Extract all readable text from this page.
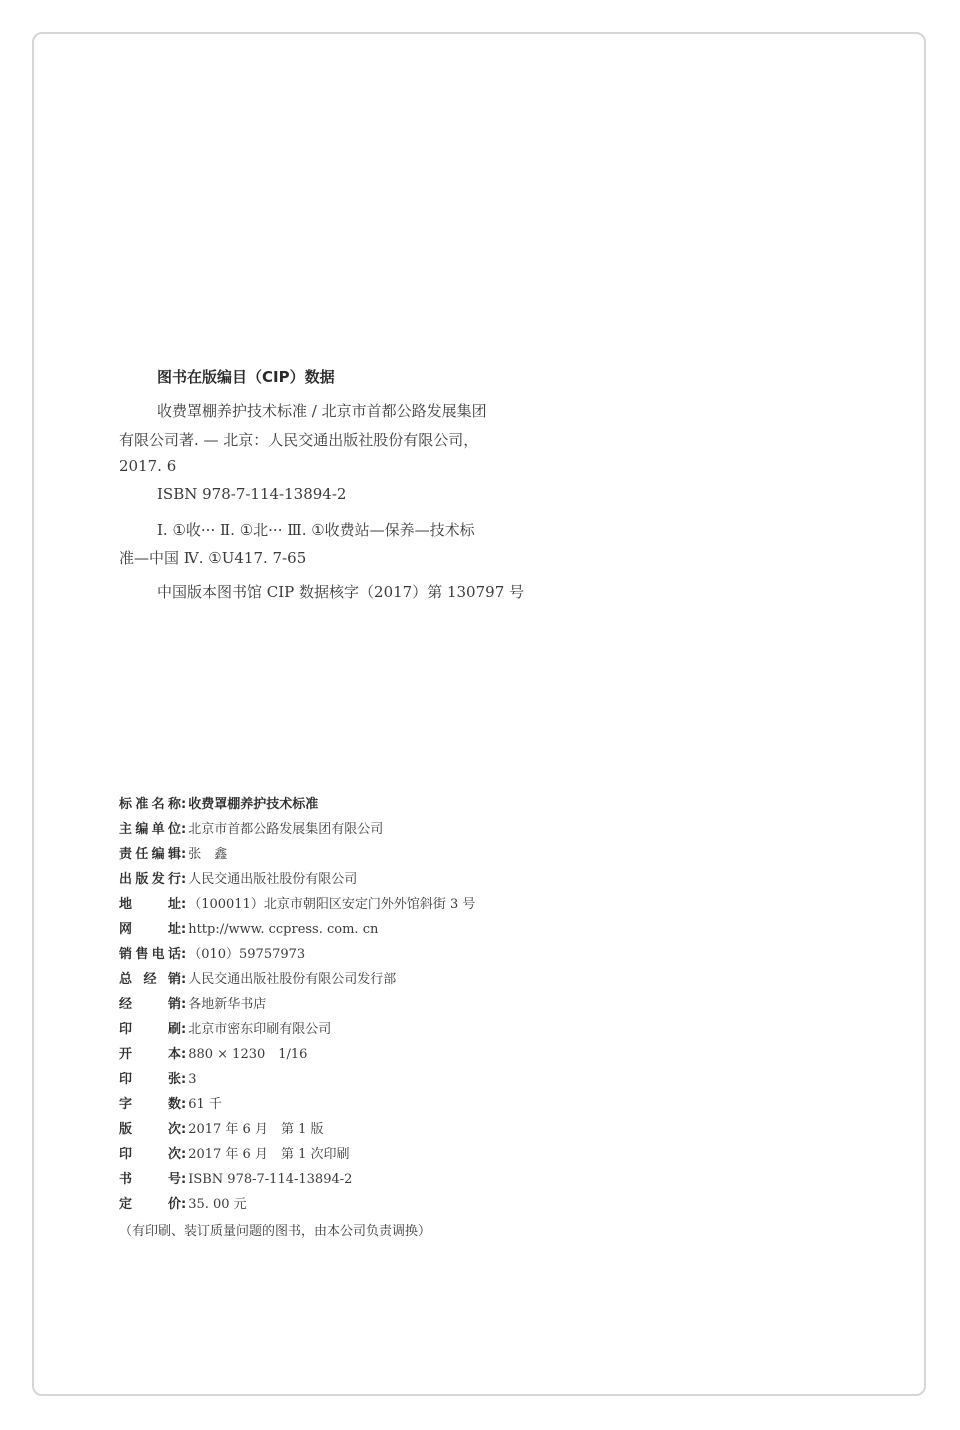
图书在版编目（CIP）数据
收费罩棚养护技术标准 / 北京市首都公路发展集团
有限公司著. — 北京：人民交通出版社股份有限公司，
2017. 6
ISBN 978-7-114-13894-2
Ⅰ. ①收··· Ⅱ. ①北··· Ⅲ. ①收费站—保养—技术标
准—中国 Ⅳ. ①U417. 7-65
中国版本图书馆 CIP 数据核字（2017）第 130797 号
标准名称 : 收费罩棚养护技术标准
主编单位 : 北京市首都公路发展集团有限公司
责任编辑 : 张　鑫
出版发行 : 人民交通出版社股份有限公司
地址 : （100011）北京市朝阳区安定门外外馆斜街 3 号
网址 : http://www. ccpress. com. cn
销售电话 : （010）59757973
总经销 : 人民交通出版社股份有限公司发行部
经销 : 各地新华书店
印刷 : 北京市密东印刷有限公司
开本 : 880 × 1230　1/16
印张 : 3
字数 : 61 千
版次 : 2017 年 6 月　第 1 版
印次 : 2017 年 6 月　第 1 次印刷
书号 : ISBN 978-7-114-13894-2
定价 : 35. 00 元
（有印刷、装订质量问题的图书，由本公司负责调换）
